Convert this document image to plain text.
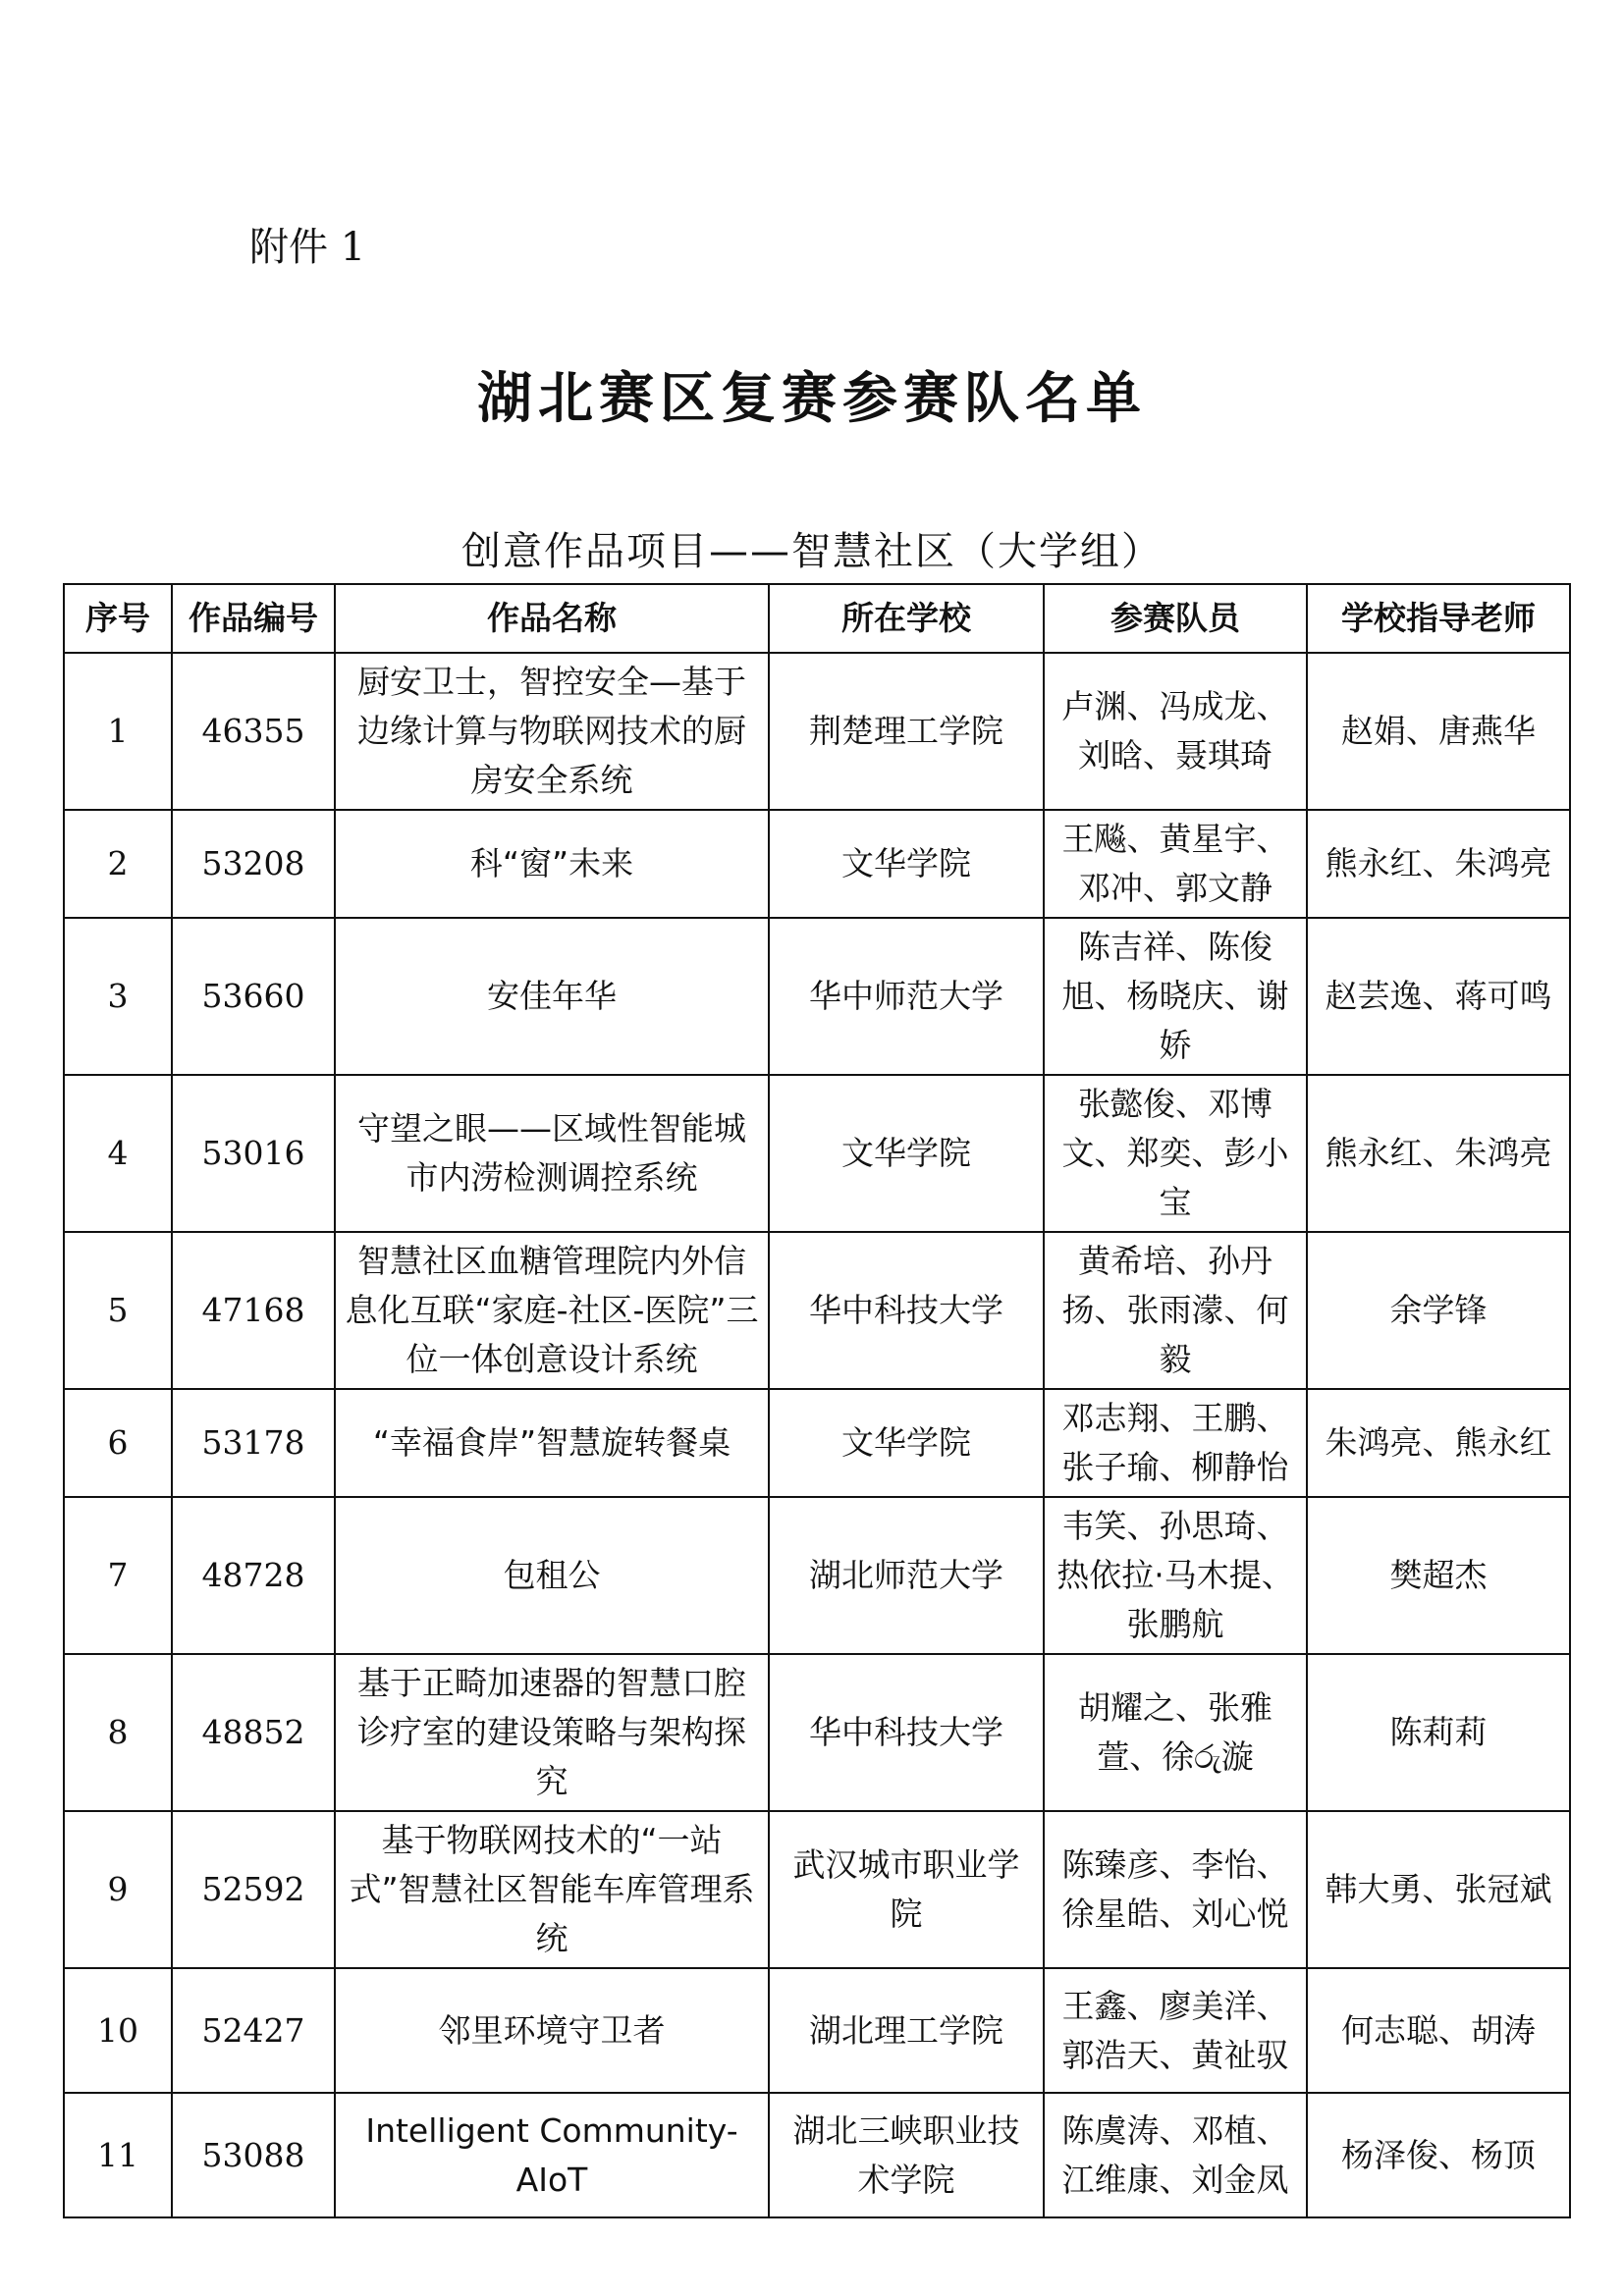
附件 1
湖北赛区复赛参赛队名单
创意作品项目——智慧社区（大学组）
序号	作品编号	作品名称	所在学校	参赛队员	学校指导老师
1	46355	厨安卫士，智控安全—基于边缘计算与物联网技术的厨房安全系统	荆楚理工学院	卢渊、冯成龙、刘晗、聂琪琦	赵娟、唐燕华
2	53208	科“窗”未来	文华学院	王飚、黄星宇、邓冲、郭文静	熊永红、朱鸿亮
3	53660	安佳年华	华中师范大学	陈吉祥、陈俊旭、杨晓庆、谢娇	赵芸逸、蒋可鸣
4	53016	守望之眼——区域性智能城市内涝检测调控系统	文华学院	张懿俊、邓博文、郑奕、彭小宝	熊永红、朱鸿亮
5	47168	智慧社区血糖管理院内外信息化互联“家庭-社区-医院”三位一体创意设计系统	华中科技大学	黄希培、孙丹扬、张雨濛、何毅	余学锋
6	53178	“幸福食岸”智慧旋转餐桌	文华学院	邓志翔、王鹏、张子瑜、柳静怡	朱鸿亮、熊永红
7	48728	包租公	湖北师范大学	韦笑、孙思琦、热依拉·马木提、张鹏航	樊超杰
8	48852	基于正畸加速器的智慧口腔诊疗室的建设策略与架构探究	华中科技大学	胡耀之、张雅萱、徐රු漩	陈莉莉
9	52592	基于物联网技术的“一站式”智慧社区智能车库管理系统	武汉城市职业学院	陈臻彦、李怡、徐星皓、刘心悦	韩大勇、张冠斌
10	52427	邻里环境守卫者	湖北理工学院	王鑫、廖美洋、郭浩天、黄祉驭	何志聪、胡涛
11	53088	Intelligent Community-AIoT	湖北三峡职业技术学院	陈虞涛、邓植、江维康、刘金凤	杨泽俊、杨顶
